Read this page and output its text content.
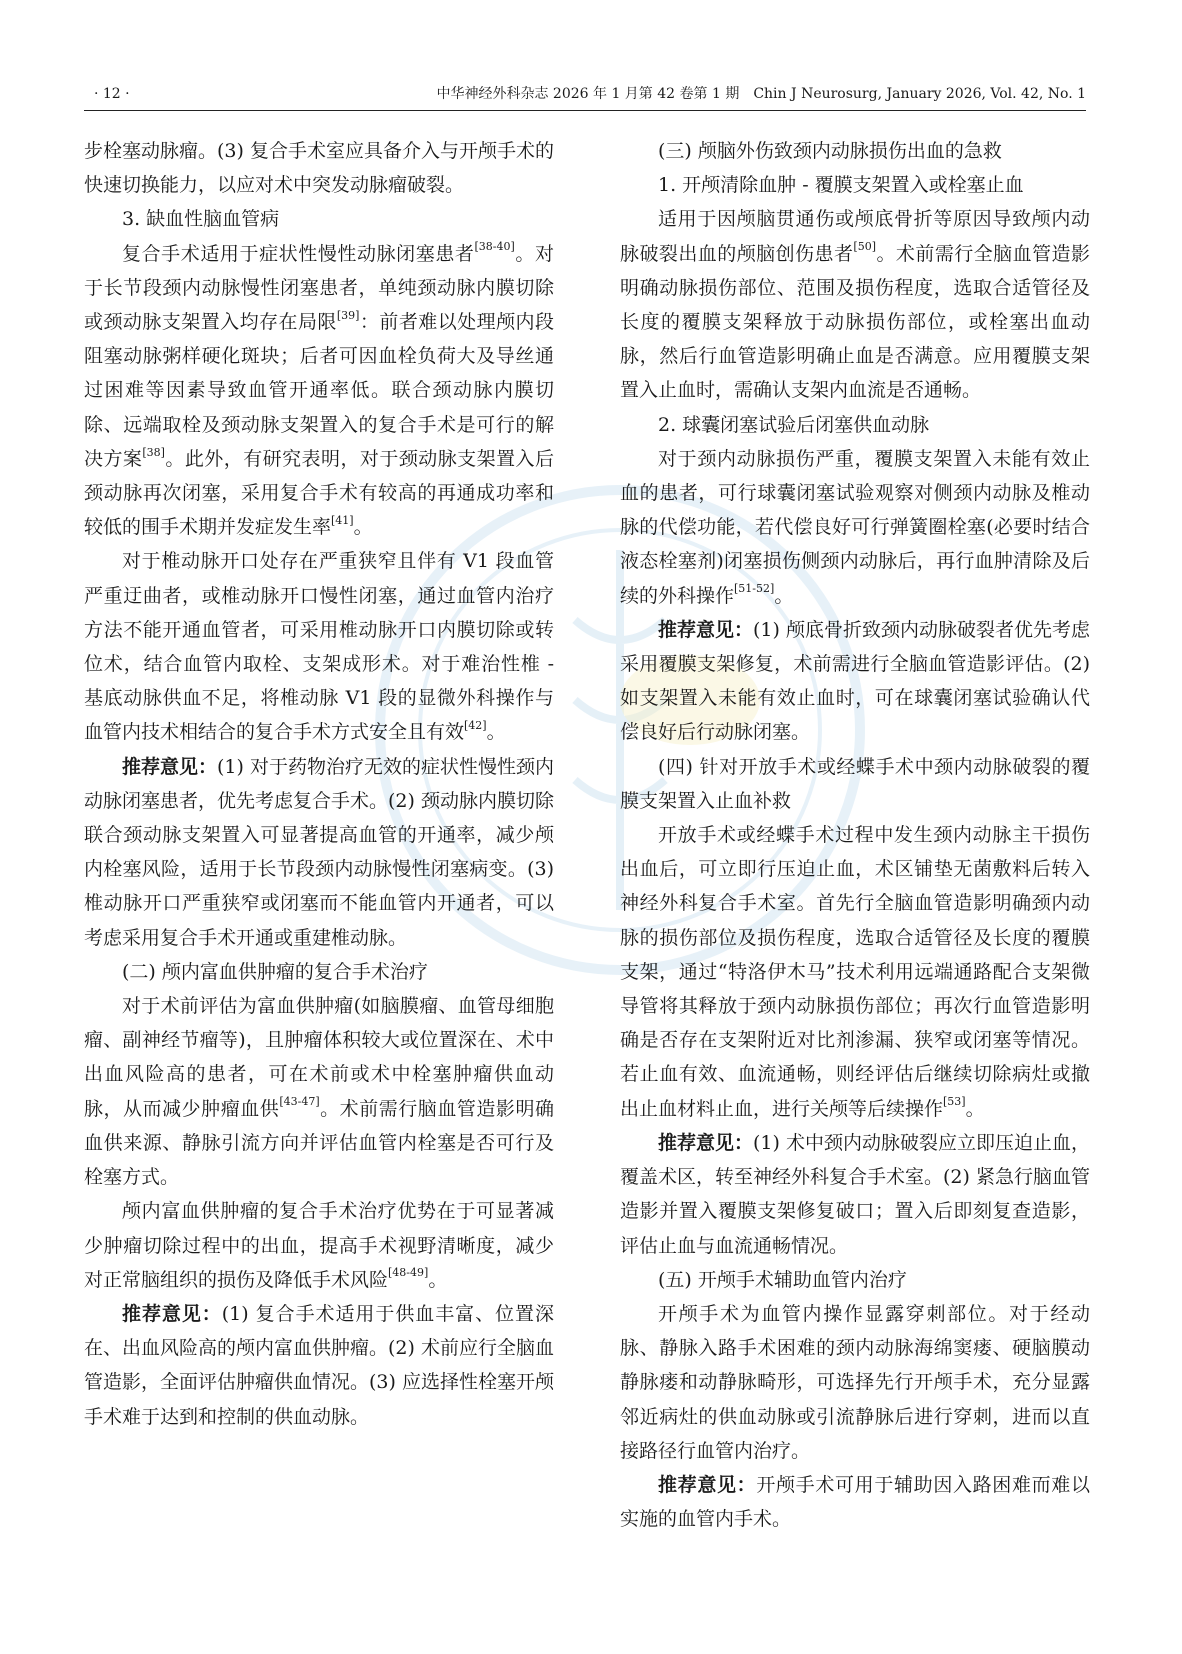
· 12 ·	中华神经外科杂志 2026 年 1 月第 42 卷第 1 期　Chin J Neurosurg, January 2026, Vol. 42, No. 1

步栓塞动脉瘤。(3) 复合手术室应具备介入与开颅手术的快速切换能力，以应对术中突发动脉瘤破裂。

3. 缺血性脑血管病

复合手术适用于症状性慢性动脉闭塞患者[38-40]。对于长节段颈内动脉慢性闭塞患者，单纯颈动脉内膜切除或颈动脉支架置入均存在局限[39]：前者难以处理颅内段阻塞动脉粥样硬化斑块；后者可因血栓负荷大及导丝通过困难等因素导致血管开通率低。联合颈动脉内膜切除、远端取栓及颈动脉支架置入的复合手术是可行的解决方案[38]。此外，有研究表明，对于颈动脉支架置入后颈动脉再次闭塞，采用复合手术有较高的再通成功率和较低的围手术期并发症发生率[41]。

对于椎动脉开口处存在严重狭窄且伴有 V1 段血管严重迂曲者，或椎动脉开口慢性闭塞，通过血管内治疗方法不能开通血管者，可采用椎动脉开口内膜切除或转位术，结合血管内取栓、支架成形术。对于难治性椎 - 基底动脉供血不足，将椎动脉 V1 段的显微外科操作与血管内技术相结合的复合手术方式安全且有效[42]。

推荐意见：(1) 对于药物治疗无效的症状性慢性颈内动脉闭塞患者，优先考虑复合手术。(2) 颈动脉内膜切除联合颈动脉支架置入可显著提高血管的开通率，减少颅内栓塞风险，适用于长节段颈内动脉慢性闭塞病变。(3) 椎动脉开口严重狭窄或闭塞而不能血管内开通者，可以考虑采用复合手术开通或重建椎动脉。

(二) 颅内富血供肿瘤的复合手术治疗

对于术前评估为富血供肿瘤(如脑膜瘤、血管母细胞瘤、副神经节瘤等)，且肿瘤体积较大或位置深在、术中出血风险高的患者，可在术前或术中栓塞肿瘤供血动脉，从而减少肿瘤血供[43-47]。术前需行脑血管造影明确血供来源、静脉引流方向并评估血管内栓塞是否可行及栓塞方式。

颅内富血供肿瘤的复合手术治疗优势在于可显著减少肿瘤切除过程中的出血，提高手术视野清晰度，减少对正常脑组织的损伤及降低手术风险[48-49]。

推荐意见：(1) 复合手术适用于供血丰富、位置深在、出血风险高的颅内富血供肿瘤。(2) 术前应行全脑血管造影，全面评估肿瘤供血情况。(3) 应选择性栓塞开颅手术难于达到和控制的供血动脉。

(三) 颅脑外伤致颈内动脉损伤出血的急救

1. 开颅清除血肿 - 覆膜支架置入或栓塞止血

适用于因颅脑贯通伤或颅底骨折等原因导致颅内动脉破裂出血的颅脑创伤患者[50]。术前需行全脑血管造影明确动脉损伤部位、范围及损伤程度，选取合适管径及长度的覆膜支架释放于动脉损伤部位，或栓塞出血动脉，然后行血管造影明确止血是否满意。应用覆膜支架置入止血时，需确认支架内血流是否通畅。

2. 球囊闭塞试验后闭塞供血动脉

对于颈内动脉损伤严重，覆膜支架置入未能有效止血的患者，可行球囊闭塞试验观察对侧颈内动脉及椎动脉的代偿功能，若代偿良好可行弹簧圈栓塞(必要时结合液态栓塞剂)闭塞损伤侧颈内动脉后，再行血肿清除及后续的外科操作[51-52]。

推荐意见：(1) 颅底骨折致颈内动脉破裂者优先考虑采用覆膜支架修复，术前需进行全脑血管造影评估。(2) 如支架置入未能有效止血时，可在球囊闭塞试验确认代偿良好后行动脉闭塞。

(四) 针对开放手术或经蝶手术中颈内动脉破裂的覆膜支架置入止血补救

开放手术或经蝶手术过程中发生颈内动脉主干损伤出血后，可立即行压迫止血，术区铺垫无菌敷料后转入神经外科复合手术室。首先行全脑血管造影明确颈内动脉的损伤部位及损伤程度，选取合适管径及长度的覆膜支架，通过“特洛伊木马”技术利用远端通路配合支架微导管将其释放于颈内动脉损伤部位；再次行血管造影明确是否存在支架附近对比剂渗漏、狭窄或闭塞等情况。若止血有效、血流通畅，则经评估后继续切除病灶或撤出止血材料止血，进行关颅等后续操作[53]。

推荐意见：(1) 术中颈内动脉破裂应立即压迫止血，覆盖术区，转至神经外科复合手术室。(2) 紧急行脑血管造影并置入覆膜支架修复破口；置入后即刻复查造影，评估止血与血流通畅情况。

(五) 开颅手术辅助血管内治疗

开颅手术为血管内操作显露穿刺部位。对于经动脉、静脉入路手术困难的颈内动脉海绵窦瘘、硬脑膜动静脉瘘和动静脉畸形，可选择先行开颅手术，充分显露邻近病灶的供血动脉或引流静脉后进行穿刺，进而以直接路径行血管内治疗。

推荐意见：开颅手术可用于辅助因入路困难而难以实施的血管内手术。
